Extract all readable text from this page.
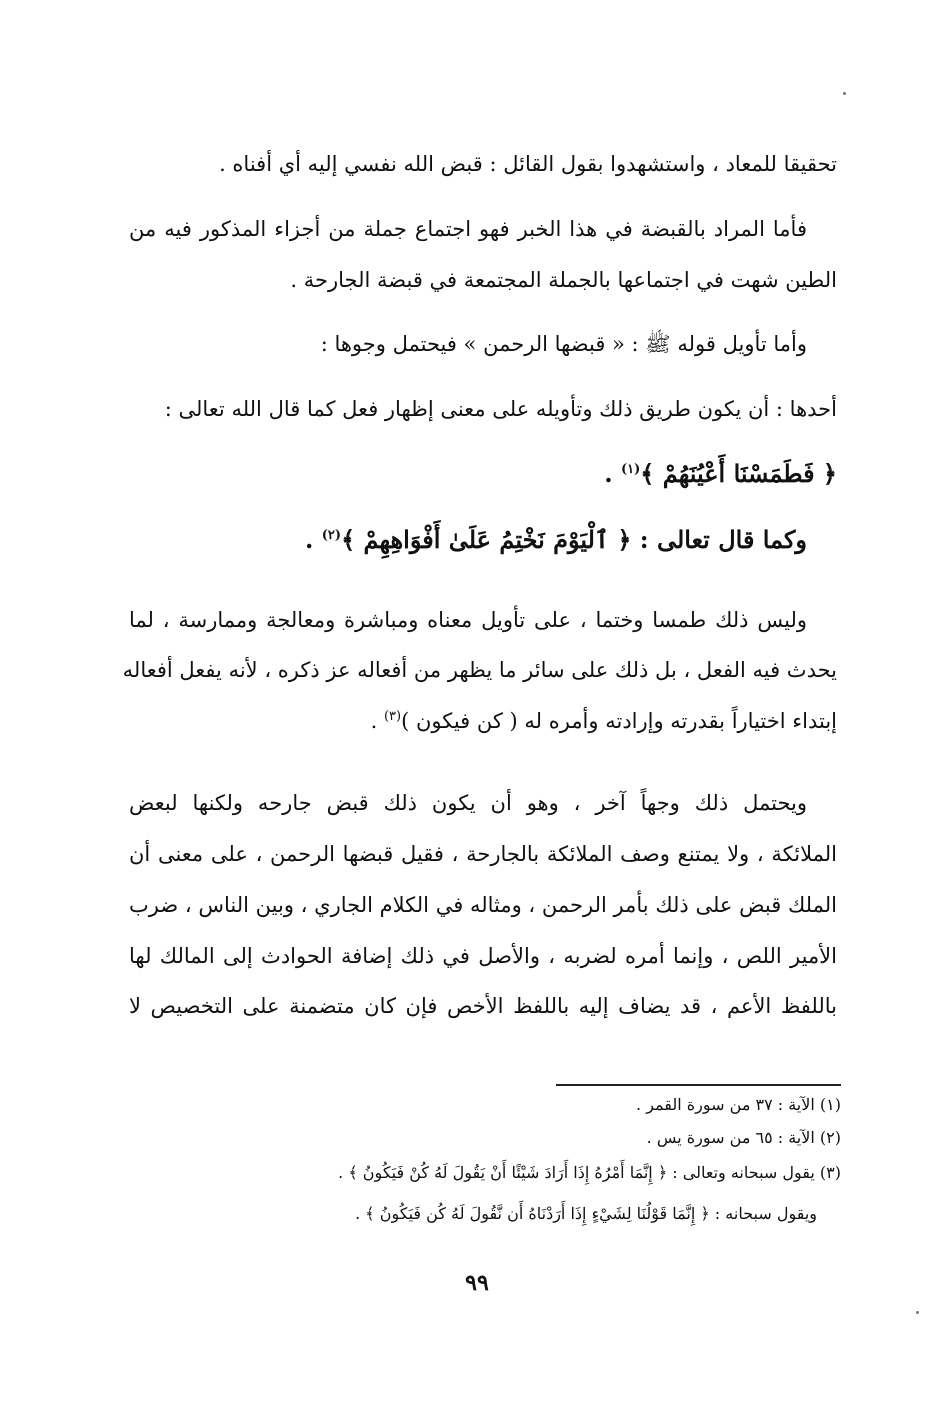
تحقيقا للمعاد ، واستشهدوا بقول القائل : قبض الله نفسي إليه أي أفناه .
فأما المراد بالقبضة في هذا الخبر فهو اجتماع جملة من أجزاء المذكور فيه من
الطين شهت في اجتماعها بالجملة المجتمعة في قبضة الجارحة .
وأما تأويل قوله ﷺ : « قبضها الرحمن » فيحتمل وجوها :
أحدها : أن يكون طريق ذلك وتأويله على معنى إظهار فعل كما قال الله تعالى :
﴿ فَطَمَسْنَا أَعْيُنَهُمْ ﴾$^{(١)}$ .
وكما قال تعالى : ﴿ ٱلْيَوْمَ نَخْتِمُ عَلَىٰ أَفْوَاهِهِمْ ﴾$^{(٢)}$ .
وليس ذلك طمسا وختما ، على تأويل معناه ومباشرة ومعالجة وممارسة ، لما
يحدث فيه الفعل ، بل ذلك على سائر ما يظهر من أفعاله عز ذكره ، لأنه يفعل أفعاله
إبتداء اختياراً بقدرته وإرادته وأمره له ( كن فيكون )$^{(٣)}$ .
ويحتمل ذلك وجهاً آخر ، وهو أن يكون ذلك قبض جارحه ولكنها لبعض
الملائكة ، ولا يمتنع وصف الملائكة بالجارحة ، فقيل قبضها الرحمن ، على معنى أن
الملك قبض على ذلك بأمر الرحمن ، ومثاله في الكلام الجاري ، وبين الناس ، ضرب
الأمير اللص ، وإنما أمره لضربه ، والأصل في ذلك إضافة الحوادث إلى المالك لها
باللفظ الأعم ، قد يضاف إليه باللفظ الأخص فإن كان متضمنة على التخصيص لا
(١) الآية : ٣٧ من سورة القمر .
(٢) الآية : ٦٥ من سورة يس .
(٣) يقول سبحانه وتعالى : ﴿ إِنَّمَا أَمْرُهُ إِذَا أَرَادَ شَيْئًا أَنْ يَقُولَ لَهُ كُنْ فَيَكُونُ ﴾ .
ويقول سبحانه : ﴿ إِنَّمَا قَوْلُنَا لِشَيْءٍ إِذَا أَرَدْنَاهُ أَن نَّقُولَ لَهُ كُن فَيَكُونُ ﴾ .
٩٩
